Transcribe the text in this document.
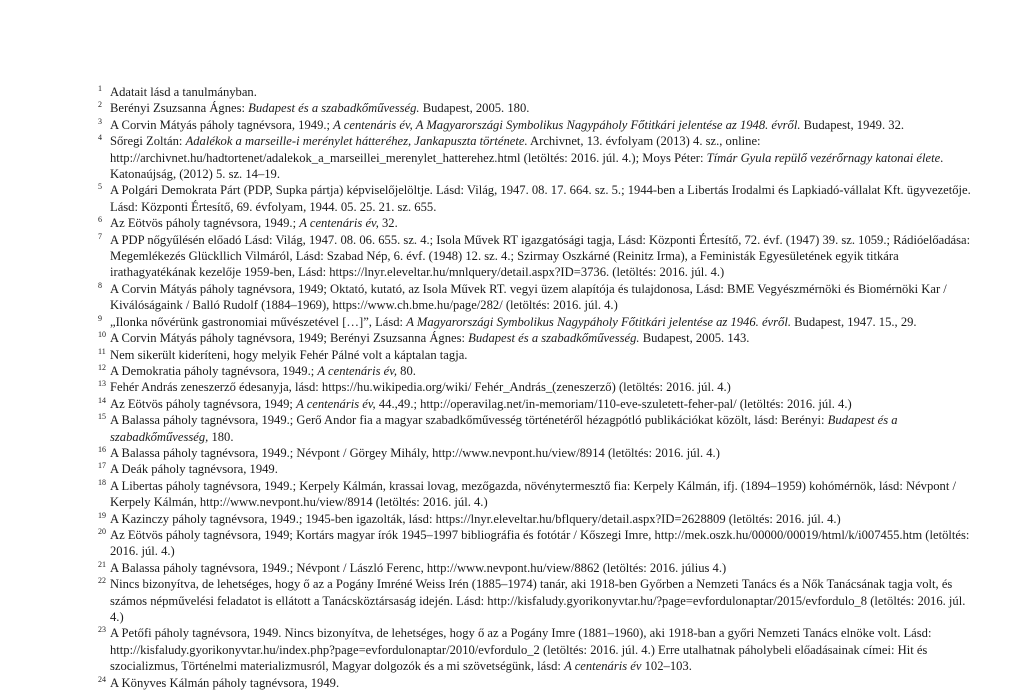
1 Adatait lásd a tanulmányban.
2 Berényi Zsuzsanna Ágnes: Budapest és a szabadkőművesség. Budapest, 2005. 180.
3 A Corvin Mátyás páholy tagnévsora, 1949.; A centenáris év, A Magyarországi Symbolikus Nagypáholy Főtitkári jelentése az 1948. évről. Budapest, 1949. 32.
4 Sőregi Zoltán: Adalékok a marseille-i merénylet hátteréhez, Jankapuszta története. Archivnet, 13. évfolyam (2013) 4. sz., online: http://archivnet.hu/hadtortenet/adalekok_a_marseillei_merenylet_hatterehez.html (letöltés: 2016. júl. 4.); Moys Péter: Tímár Gyula repülő vezérőrnagy katonai élete. Katonaújság, (2012) 5. sz. 14–19.
5 A Polgári Demokrata Párt (PDP, Supka pártja) képviselőjelöltje. Lásd: Világ, 1947. 08. 17. 664. sz. 5.; 1944-ben a Libertás Irodalmi és Lapkiadó-vállalat Kft. ügyvezetője. Lásd: Központi Értesítő, 69. évfolyam, 1944. 05. 25. 21. sz. 655.
6 Az Eötvös páholy tagnévsora, 1949.; A centenáris év, 32.
7 A PDP nőgyűlésén előadó Lásd: Világ, 1947. 08. 06. 655. sz. 4.; Isola Művek RT igazgatósági tagja, Lásd: Központi Értesítő, 72. évf. (1947) 39. sz. 1059.; Rádióelőadása: Megemlékezés Glückllich Vilmáról, Lásd: Szabad Nép, 6. évf. (1948) 12. sz. 4.; Szirmay Oszkárné (Reinitz Irma), a Feministák Egyesületének egyik titkára irathagyatékának kezelője 1959-ben, Lásd: https://lnyr.eleveltar.hu/mnlquery/detail.aspx?ID=3736. (letöltés: 2016. júl. 4.)
8 A Corvin Mátyás páholy tagnévsora, 1949; Oktató, kutató, az Isola Művek RT. vegyi üzem alapítója és tulajdonosa, Lásd: BME Vegyészmérnöki és Biomérnöki Kar / Kiválóságaink / Balló Rudolf (1884–1969), https://www.ch.bme.hu/page/282/ (letöltés: 2016. júl. 4.)
9 „Ilonka nővérünk gastronomiai művészetével […]”, Lásd: A Magyarországi Symbolikus Nagypáholy Főtitkári jelentése az 1946. évről. Budapest, 1947. 15., 29.
10 A Corvin Mátyás páholy tagnévsora, 1949; Berényi Zsuzsanna Ágnes: Budapest és a szabadkőművesség. Budapest, 2005. 143.
11 Nem sikerült kideríteni, hogy melyik Fehér Pálné volt a káptalan tagja.
12 A Demokratia páholy tagnévsora, 1949.; A centenáris év, 80.
13 Fehér András zeneszerző édesanyja, lásd: https://hu.wikipedia.org/wiki/ Fehér_András_(zeneszerző) (letöltés: 2016. júl. 4.)
14 Az Eötvös páholy tagnévsora, 1949; A centenáris év, 44.,49.; http://operavilag.net/in-memoriam/110-eve-szuletett-feher-pal/ (letöltés: 2016. júl. 4.)
15 A Balassa páholy tagnévsora, 1949.; Gerő Andor fia a magyar szabadkőművesség történetéről hézagpótló publikációkat közölt, lásd: Berényi: Budapest és a szabadkőművesség, 180.
16 A Balassa páholy tagnévsora, 1949.; Névpont / Görgey Mihály, http://www.nevpont.hu/view/8914 (letöltés: 2016. júl. 4.)
17 A Deák páholy tagnévsora, 1949.
18 A Libertas páholy tagnévsora, 1949.; Kerpely Kálmán, krassai lovag, mezőgazda, növénytermesztő fia: Kerpely Kálmán, ifj. (1894–1959) kohómérnök, lásd: Névpont / Kerpely Kálmán, http://www.nevpont.hu/view/8914 (letöltés: 2016. júl. 4.)
19 A Kazinczy páholy tagnévsora, 1949.; 1945-ben igazolták, lásd: https://lnyr.eleveltar.hu/bflquery/detail.aspx?ID=2628809 (letöltés: 2016. júl. 4.)
20 Az Eötvös páholy tagnévsora, 1949; Kortárs magyar írók 1945–1997 bibliográfia és fotótár / Kőszegi Imre, http://mek.oszk.hu/00000/00019/html/k/i007455.htm (letöltés: 2016. júl. 4.)
21 A Balassa páholy tagnévsora, 1949.; Névpont / László Ferenc, http://www.nevpont.hu/view/8862 (letöltés: 2016. július 4.)
22 Nincs bizonyítva, de lehetséges, hogy ő az a Pogány Imréné Weiss Irén (1885–1974) tanár, aki 1918-ben Győrben a Nemzeti Tanács és a Nők Tanácsának tagja volt, és számos népművelési feladatot is ellátott a Tanácsköztársaság idején. Lásd: http://kisfaludy.gyorikonyvtar.hu/?page=evfordulonaptar/2015/evfordulo_8 (letöltés: 2016. júl. 4.)
23 A Petőfi páholy tagnévsora, 1949. Nincs bizonyítva, de lehetséges, hogy ő az a Pogány Imre (1881–1960), aki 1918-ban a győri Nemzeti Tanács elnöke volt. Lásd: http://kisfaludy.gyorikonyvtar.hu/index.php?page=evfordulonaptar/2010/evfordulo_2 (letöltés: 2016. júl. 4.) Erre utalhatnak páholybeli előadásainak címei: Hit és szocializmus, Történelmi materializmusról, Magyar dolgozók és a mi szövetségünk, lásd: A centenáris év 102–103.
24 A Könyves Kálmán páholy tagnévsora, 1949.
